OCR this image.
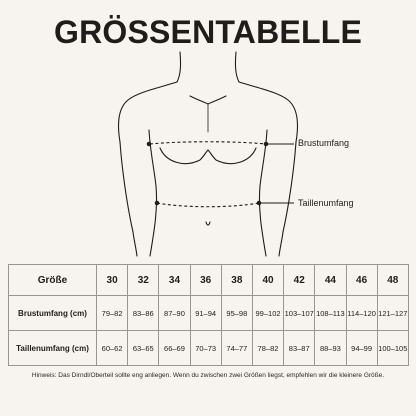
GRÖSSENTABELLE
Brustumfang
Taillenumfang
Größe	30	32	34	36	38	40	42	44	46	48
Brustumfang (cm)	79–82	83–86	87–90	91–94	95–98	99–102	103–107	108–113	114–120	121–127
Taillenumfang (cm)	60–62	63–65	66–69	70–73	74–77	78–82	83–87	88–93	94–99	100–105

Hinweis: Das Dirndl/Oberteil sollte eng anliegen. Wenn du zwischen zwei Größen liegst, empfehlen wir die kleinere Größe.
